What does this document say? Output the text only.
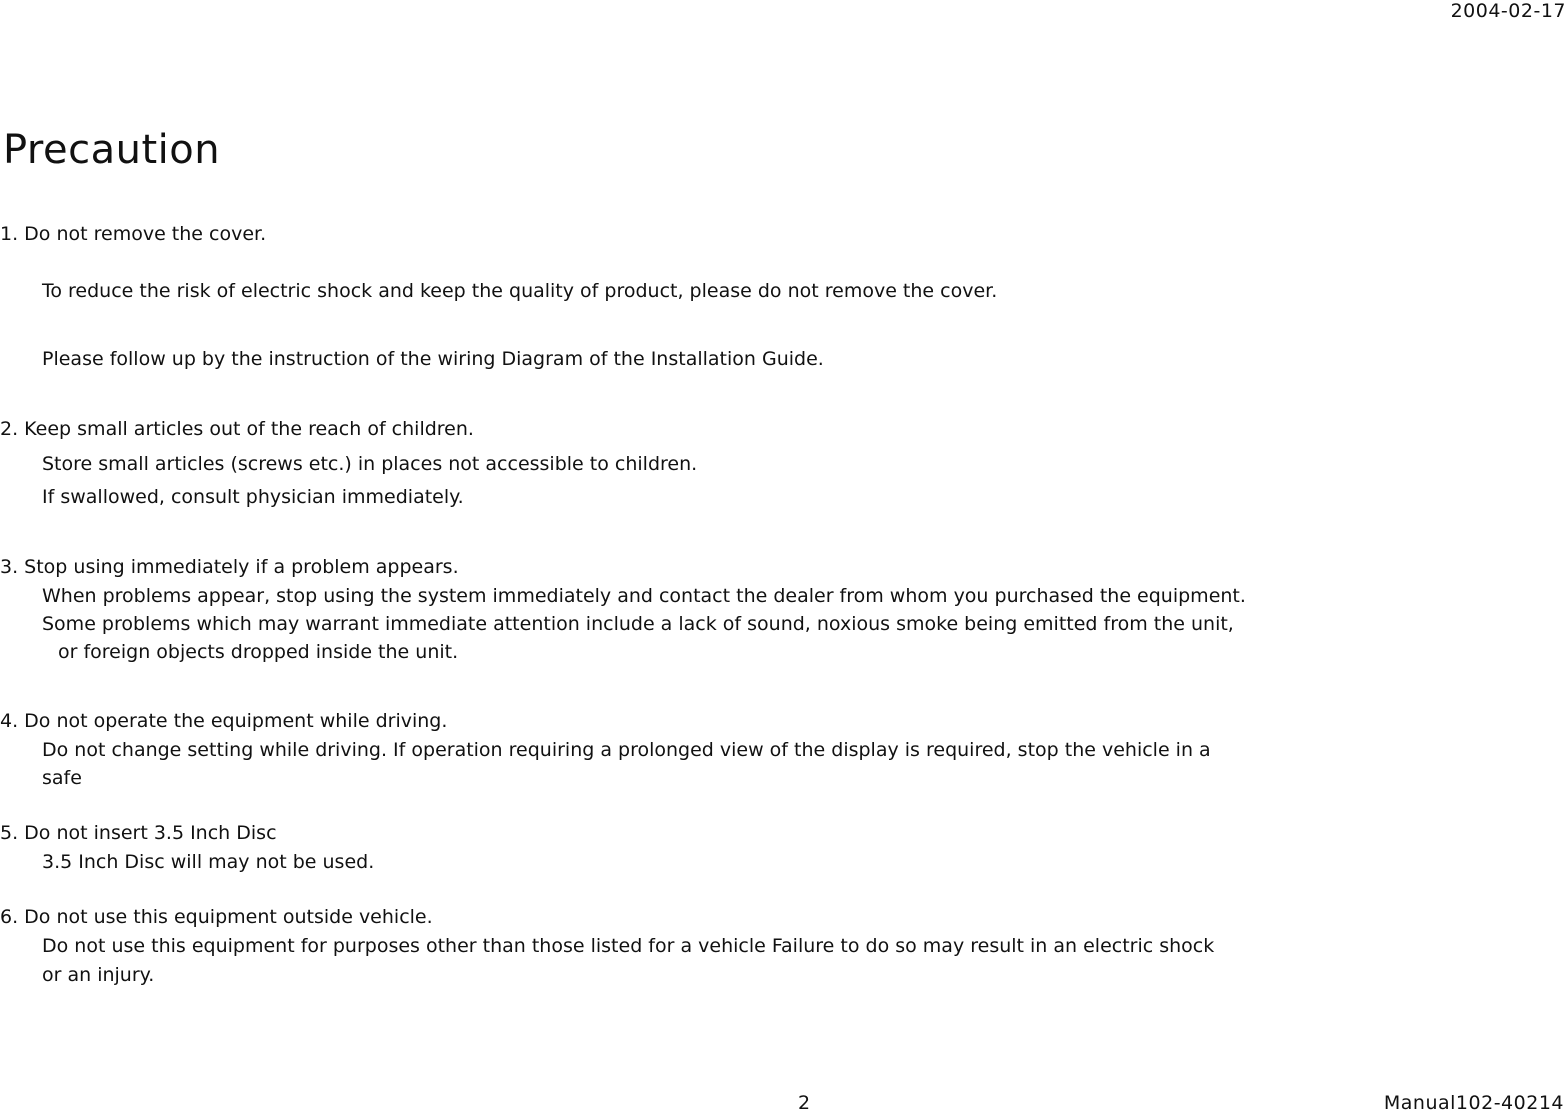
2004-02-17
Precaution
1. Do not remove the cover.
To reduce the risk of electric shock and keep the quality of product, please do not remove the cover.
Please follow up by the instruction of the wiring Diagram of the Installation Guide.
2. Keep small articles out of the reach of children.
Store small articles (screws etc.) in places not accessible to children.
If swallowed, consult physician immediately.
3. Stop using immediately if a problem appears.
When problems appear, stop using the system immediately and contact the dealer from whom you purchased the equipment.
Some problems which may warrant immediate attention include a lack of sound, noxious smoke being emitted from the unit,
or foreign objects dropped inside the unit.
4. Do not operate the equipment while driving.
Do not change setting while driving. If operation requiring a prolonged view of the display is required, stop the vehicle in a
safe
5. Do not insert 3.5 Inch Disc
3.5 Inch Disc will may not be used.
6. Do not use this equipment outside vehicle.
Do not use this equipment for purposes other than those listed for a vehicle Failure to do so may result in an electric shock
or an injury.
2	Manual102-40214
